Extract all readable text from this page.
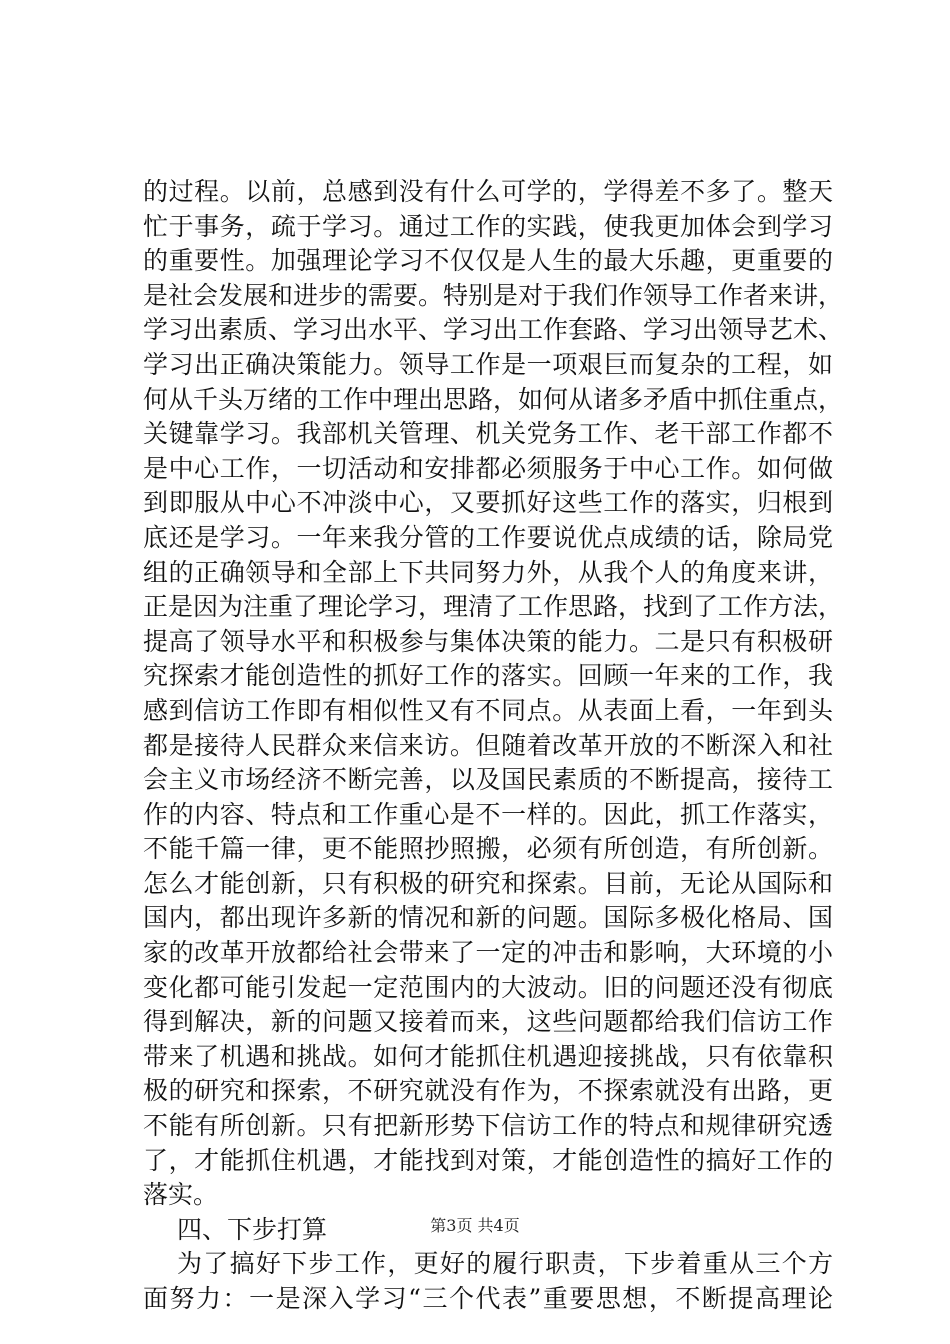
的过程。以前，总感到没有什么可学的，学得差不多了。整天
忙于事务，疏于学习。通过工作的实践，使我更加体会到学习
的重要性。加强理论学习不仅仅是人生的最大乐趣，更重要的
是社会发展和进步的需要。特别是对于我们作领导工作者来讲，
学习出素质、学习出水平、学习出工作套路、学习出领导艺术、
学习出正确决策能力。领导工作是一项艰巨而复杂的工程，如
何从千头万绪的工作中理出思路，如何从诸多矛盾中抓住重点，
关键靠学习。我部机关管理、机关党务工作、老干部工作都不
是中心工作，一切活动和安排都必须服务于中心工作。如何做
到即服从中心不冲淡中心，又要抓好这些工作的落实，归根到
底还是学习。一年来我分管的工作要说优点成绩的话，除局党
组的正确领导和全部上下共同努力外，从我个人的角度来讲，
正是因为注重了理论学习，理清了工作思路，找到了工作方法，
提高了领导水平和积极参与集体决策的能力。二是只有积极研
究探索才能创造性的抓好工作的落实。回顾一年来的工作，我
感到信访工作即有相似性又有不同点。从表面上看，一年到头
都是接待人民群众来信来访。但随着改革开放的不断深入和社
会主义市场经济不断完善，以及国民素质的不断提高，接待工
作的内容、特点和工作重心是不一样的。因此，抓工作落实，
不能千篇一律，更不能照抄照搬，必须有所创造，有所创新。
怎么才能创新，只有积极的研究和探索。目前，无论从国际和
国内，都出现许多新的情况和新的问题。国际多极化格局、国
家的改革开放都给社会带来了一定的冲击和影响，大环境的小
变化都可能引发起一定范围内的大波动。旧的问题还没有彻底
得到解决，新的问题又接着而来，这些问题都给我们信访工作
带来了机遇和挑战。如何才能抓住机遇迎接挑战，只有依靠积
极的研究和探索，不研究就没有作为，不探索就没有出路，更
不能有所创新。只有把新形势下信访工作的特点和规律研究透
了，才能抓住机遇，才能找到对策，才能创造性的搞好工作的
落实。
四、下步打算
为了搞好下步工作，更好的履行职责，下步着重从三个方
面努力：一是深入学习“三个代表”重要思想，不断提高理论
第3页 共4页
